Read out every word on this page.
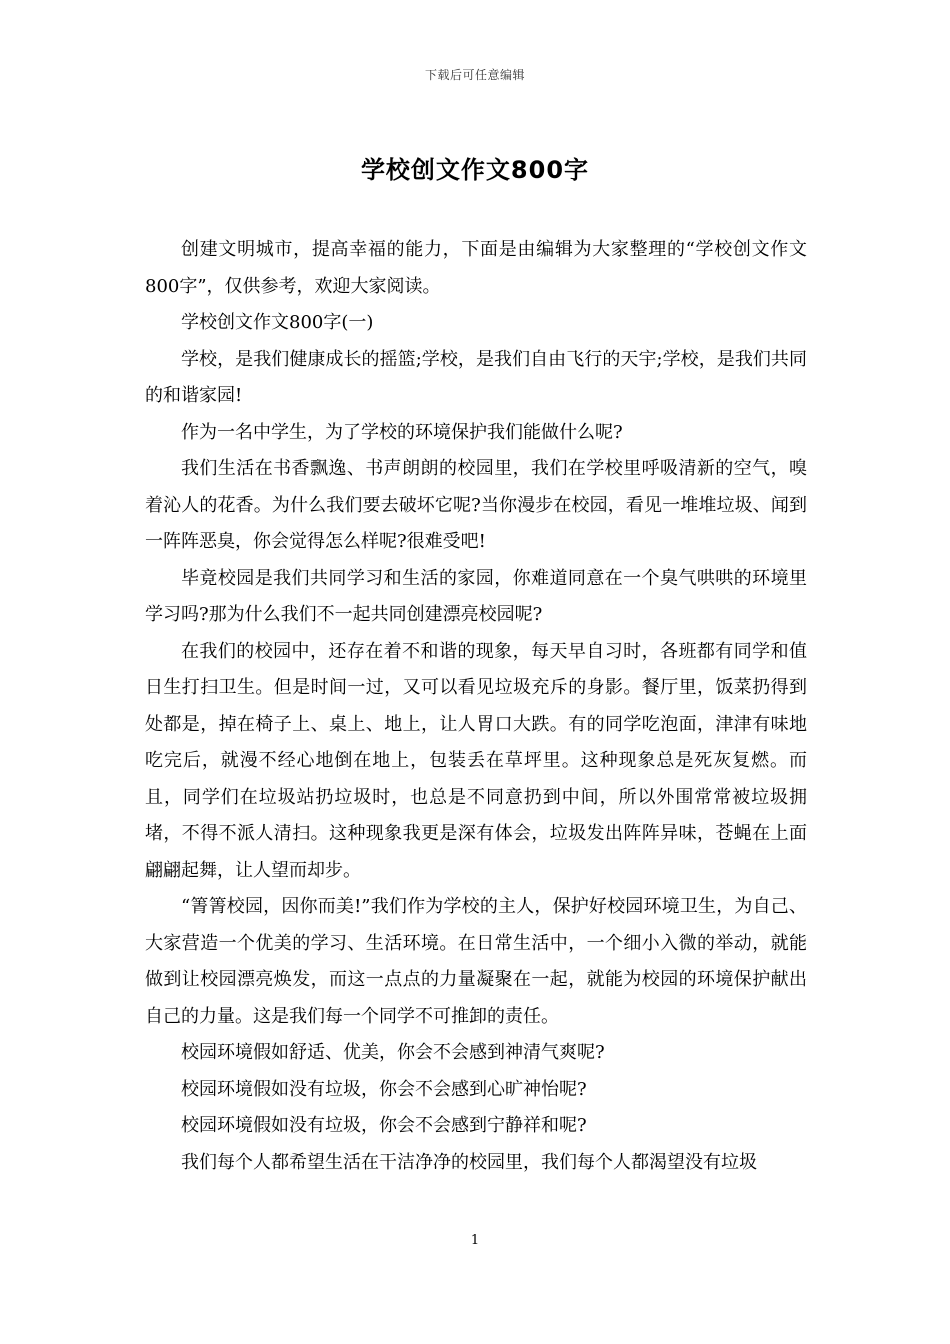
下载后可任意编辑
学校创文作文800字

创建文明城市，提高幸福的能力，下面是由编辑为大家整理的“学校创文作文800字”，仅供参考，欢迎大家阅读。

学校创文作文800字(一)

学校，是我们健康成长的摇篮;学校，是我们自由飞行的天宇;学校，是我们共同的和谐家园!

作为一名中学生，为了学校的环境保护我们能做什么呢?

我们生活在书香飘逸、书声朗朗的校园里，我们在学校里呼吸清新的空气，嗅着沁人的花香。为什么我们要去破坏它呢?当你漫步在校园，看见一堆堆垃圾、闻到一阵阵恶臭，你会觉得怎么样呢?很难受吧!

毕竟校园是我们共同学习和生活的家园，你难道同意在一个臭气哄哄的环境里学习吗?那为什么我们不一起共同创建漂亮校园呢?

在我们的校园中，还存在着不和谐的现象，每天早自习时，各班都有同学和值日生打扫卫生。但是时间一过，又可以看见垃圾充斥的身影。餐厅里，饭菜扔得到处都是，掉在椅子上、桌上、地上，让人胃口大跌。有的同学吃泡面，津津有味地吃完后，就漫不经心地倒在地上，包装丢在草坪里。这种现象总是死灰复燃。而且，同学们在垃圾站扔垃圾时，也总是不同意扔到中间，所以外围常常被垃圾拥堵，不得不派人清扫。这种现象我更是深有体会，垃圾发出阵阵异味，苍蝇在上面翩翩起舞，让人望而却步。

“箐箐校园，因你而美!”我们作为学校的主人，保护好校园环境卫生，为自己、大家营造一个优美的学习、生活环境。在日常生活中，一个细小入微的举动，就能做到让校园漂亮焕发，而这一点点的力量凝聚在一起，就能为校园的环境保护献出自己的力量。这是我们每一个同学不可推卸的责任。

校园环境假如舒适、优美，你会不会感到神清气爽呢?

校园环境假如没有垃圾，你会不会感到心旷神怡呢?

校园环境假如没有垃圾，你会不会感到宁静祥和呢?

我们每个人都希望生活在干洁净净的校园里，我们每个人都渴望没有垃圾

1
